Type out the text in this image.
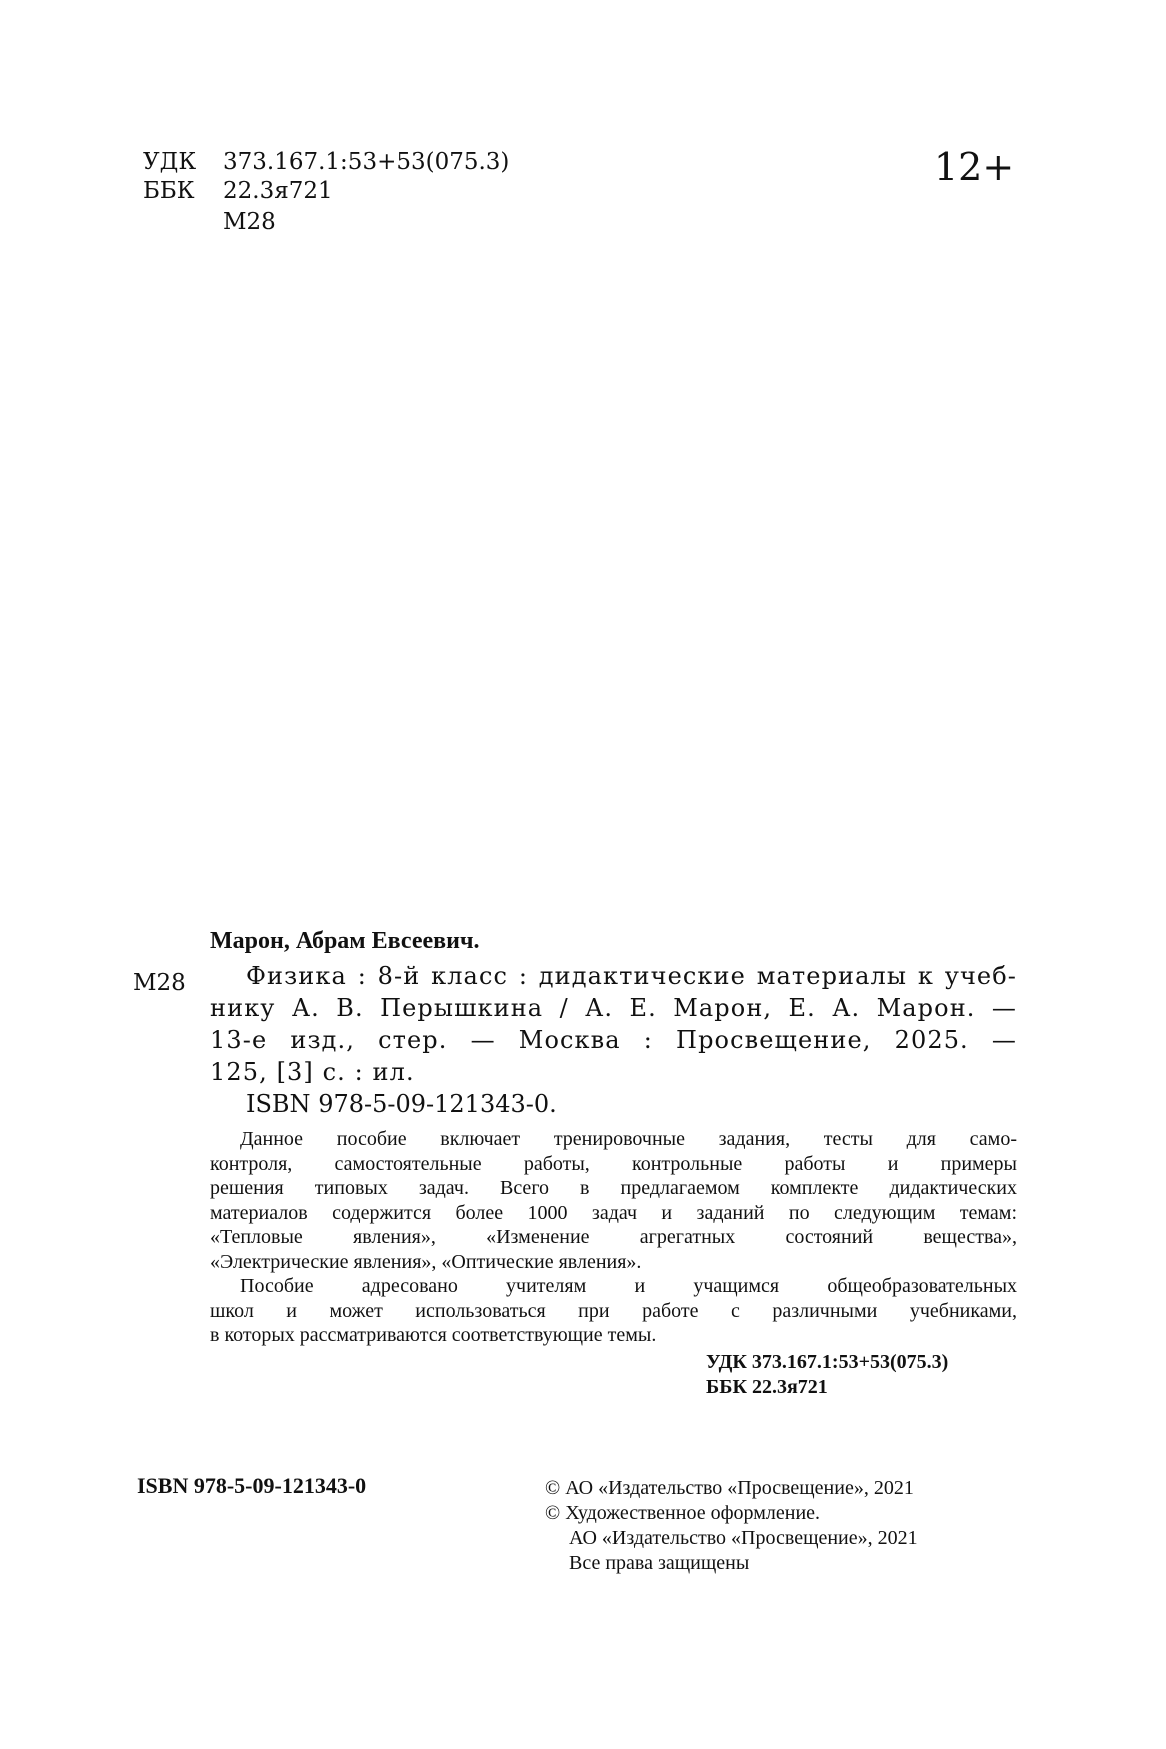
УДК 373.167.1:53+53(075.3)
ББК 22.3я721
М28
12+
Марон, Абрам Евсеевич.
М28	Физика : 8-й класс : дидактические материалы к учеб-
нику А. В. Перышкина / А. Е. Марон, Е. А. Марон. —
13-е изд., стер. — Москва : Просвещение, 2025. —
125, [3] с. : ил.
ISBN 978-5-09-121343-0.
Данное пособие включает тренировочные задания, тесты для само-
контроля, самостоятельные работы, контрольные работы и примеры
решения типовых задач. Всего в предлагаемом комплекте дидактических
материалов содержится более 1000 задач и заданий по следующим темам:
«Тепловые явления», «Изменение агрегатных состояний вещества»,
«Электрические явления», «Оптические явления».
Пособие адресовано учителям и учащимся общеобразовательных
школ и может использоваться при работе с различными учебниками,
в которых рассматриваются соответствующие темы.
УДК 373.167.1:53+53(075.3)
ББК 22.3я721
ISBN 978-5-09-121343-0	© АО «Издательство «Просвещение», 2021
© Художественное оформление.
АО «Издательство «Просвещение», 2021
Все права защищены
